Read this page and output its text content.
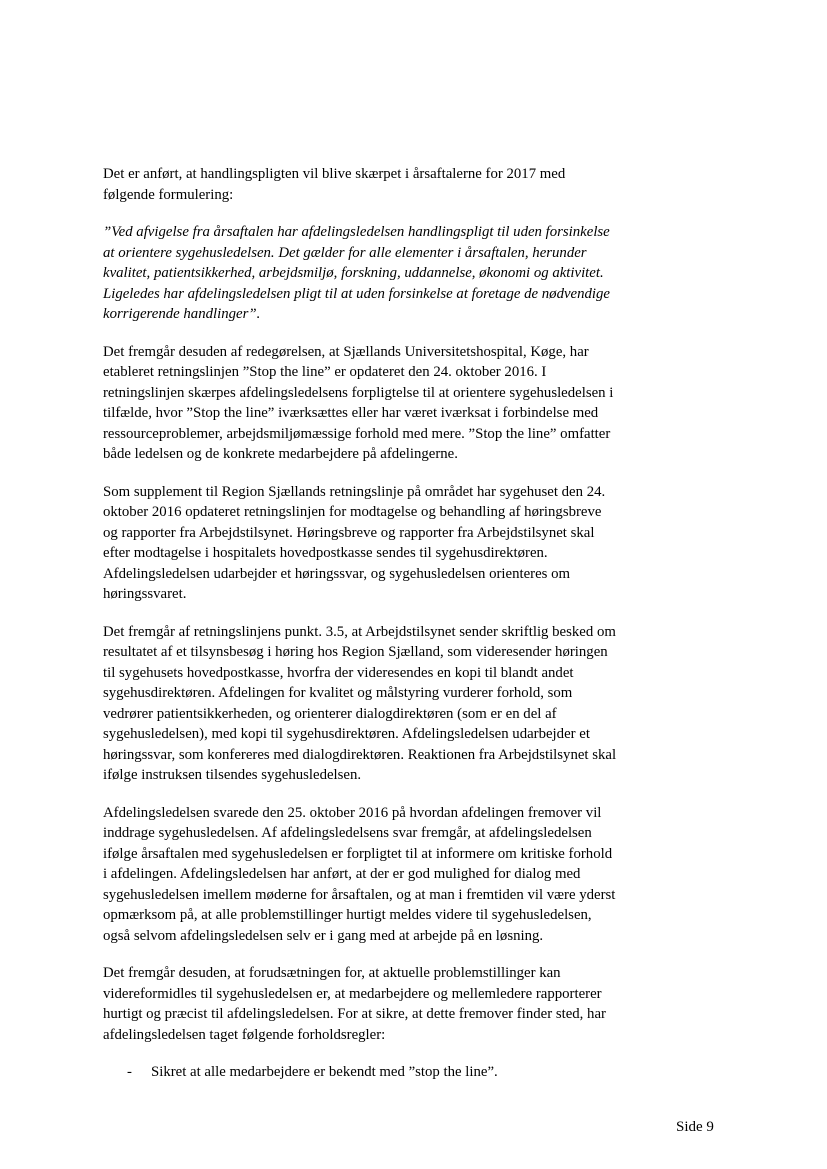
Det er anført, at handlingspligten vil blive skærpet i årsaftalerne for 2017 med følgende formulering:

”Ved afvigelse fra årsaftalen har afdelingsledelsen handlingspligt til uden forsinkelse at orientere sygehusledelsen. Det gælder for alle elementer i årsaftalen, herunder kvalitet, patientsikkerhed, arbejdsmiljø, forskning, uddannelse, økonomi og aktivitet. Ligeledes har afdelingsledelsen pligt til at uden forsinkelse at foretage de nødvendige korrigerende handlinger”.

Det fremgår desuden af redegørelsen, at Sjællands Universitetshospital, Køge, har etableret retningslinjen ”Stop the line” er opdateret den 24. oktober 2016. I retningslinjen skærpes afdelingsledelsens forpligtelse til at orientere sygehusledelsen i tilfælde, hvor ”Stop the line” iværksættes eller har været iværksat i forbindelse med ressourceproblemer, arbejdsmiljømæssige forhold med mere. ”Stop the line” omfatter både ledelsen og de konkrete medarbejdere på afdelingerne.

Som supplement til Region Sjællands retningslinje på området har sygehuset den 24. oktober 2016 opdateret retningslinjen for modtagelse og behandling af høringsbreve og rapporter fra Arbejdstilsynet. Høringsbreve og rapporter fra Arbejdstilsynet skal efter modtagelse i hospitalets hovedpostkasse sendes til sygehusdirektøren. Afdelingsledelsen udarbejder et høringssvar, og sygehusledelsen orienteres om høringssvaret.

Det fremgår af retningslinjens punkt. 3.5, at Arbejdstilsynet sender skriftlig besked om resultatet af et tilsynsbesøg i høring hos Region Sjælland, som videresender høringen til sygehusets hovedpostkasse, hvorfra der videresendes en kopi til blandt andet sygehusdirektøren. Afdelingen for kvalitet og målstyring vurderer forhold, som vedrører patientsikkerheden, og orienterer dialogdirektøren (som er en del af sygehusledelsen), med kopi til sygehusdirektøren. Afdelingsledelsen udarbejder et høringssvar, som konfereres med dialogdirektøren. Reaktionen fra Arbejdstilsynet skal ifølge instruksen tilsendes sygehusledelsen.

Afdelingsledelsen svarede den 25. oktober 2016 på hvordan afdelingen fremover vil inddrage sygehusledelsen. Af afdelingsledelsens svar fremgår, at afdelingsledelsen ifølge årsaftalen med sygehusledelsen er forpligtet til at informere om kritiske forhold i afdelingen. Afdelingsledelsen har anført, at der er god mulighed for dialog med sygehusledelsen imellem møderne for årsaftalen, og at man i fremtiden vil være yderst opmærksom på, at alle problemstillinger hurtigt meldes videre til sygehusledelsen, også selvom afdelingsledelsen selv er i gang med at arbejde på en løsning.

Det fremgår desuden, at forudsætningen for, at aktuelle problemstillinger kan videreformidles til sygehusledelsen er, at medarbejdere og mellemledere rapporterer hurtigt og præcist til afdelingsledelsen. For at sikre, at dette fremover finder sted, har afdelingsledelsen taget følgende forholdsregler:

- Sikret at alle medarbejdere er bekendt med ”stop the line”.
Side 9
